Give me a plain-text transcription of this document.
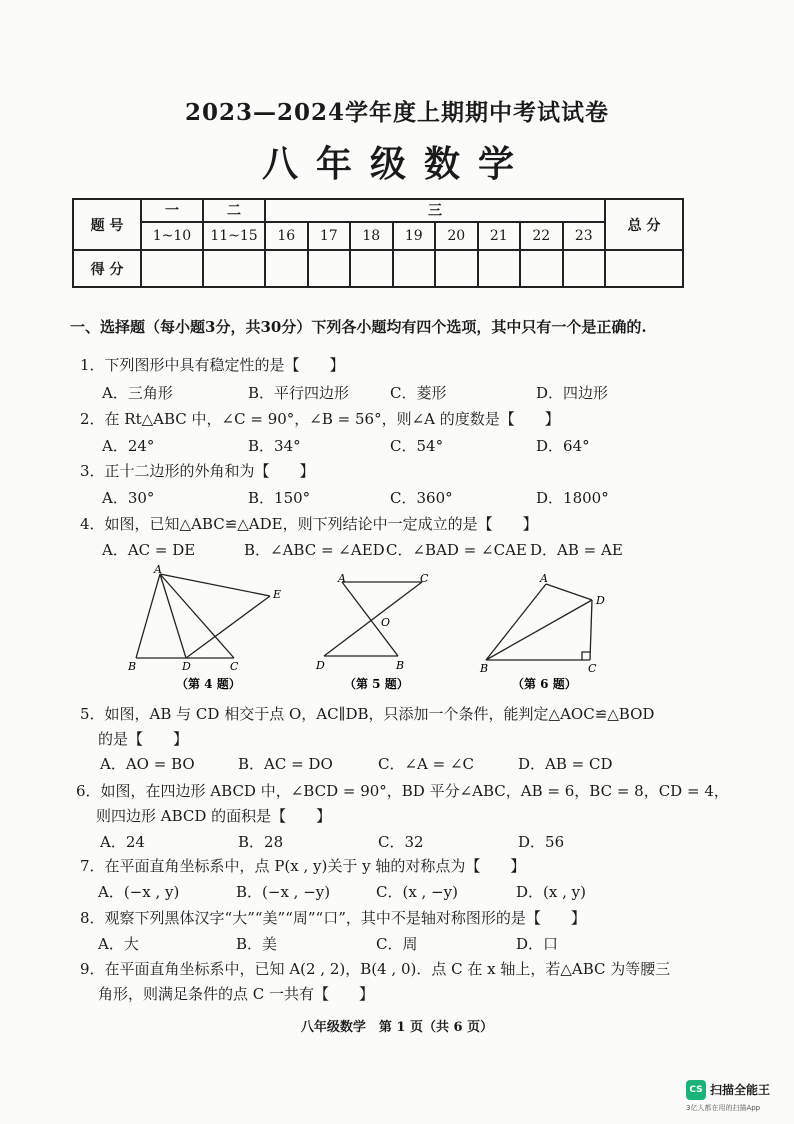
2023—2024学年度上期期中考试试卷
八年级数学
题 号	一	二	三								总 分
	1~10	11~15	16	17	18	19	20	21	22	23	
得 分											
一、选择题（每小题3分，共30分）下列各小题均有四个选项，其中只有一个是正确的.
1．下列图形中具有稳定性的是【　　】
A．三角形	B．平行四边形	C．菱形	D．四边形
2．在 Rt△ABC 中，∠C = 90°，∠B = 56°，则∠A 的度数是【　　】
A．24°	B．34°	C．54°	D．64°
3．正十二边形的外角和为【　　】
A．30°	B．150°	C．360°	D．1800°
4．如图，已知△ABC≌△ADE，则下列结论中一定成立的是【　　】
A．AC = DE	B．∠ABC = ∠AED C．∠BAD = ∠CAE D．AB = AE
A
B	C
D
E
（第 4 题）
A	C
D	B
O
（第 5 题）
A
B	C
D
（第 6 题）
5．如图，AB 与 CD 相交于点 O，AC∥DB，只添加一个条件，能判定△AOC≌△BOD
的是【　　】
A．AO = BO	B．AC = DO	C．∠A = ∠C	D．AB = CD
6．如图，在四边形 ABCD 中，∠BCD = 90°，BD 平分∠ABC，AB = 6，BC = 8，CD = 4，
则四边形 ABCD 的面积是【　　】
A．24	B．28	C．32	D．56
7．在平面直角坐标系中，点 P(x , y)关于 y 轴的对称点为【　　】
A．(−x , y)	B．(−x , −y)	C．(x , −y)	D．(x , y)
8．观察下列黑体汉字“大”“美”“周”“口”，其中不是轴对称图形的是【　　】
A．大	B．美	C．周	D．口
9．在平面直角坐标系中，已知 A(2 , 2)，B(4 , 0)．点 C 在 x 轴上，若△ABC 为等腰三
角形，则满足条件的点 C 一共有【　　】
八年级数学　第 1 页（共 6 页）
CS 扫描全能王
3亿人都在用的扫描App
